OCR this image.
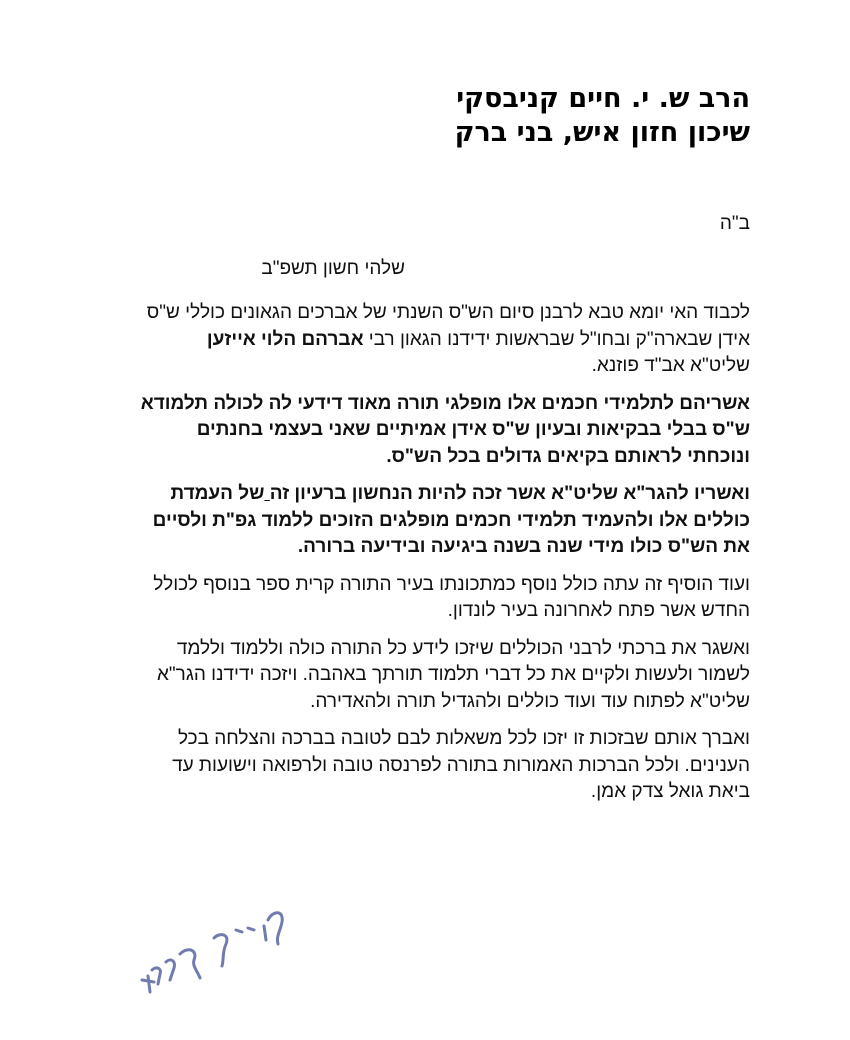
הרב ש. י. חיים קניבסקי
שיכון חזון איש, בני ברק
ב"ה
שלהי חשון תשפ"ב

לכבוד האי יומא טבא לרבנן סיום הש"ס השנתי של אברכים הגאונים כוללי ש"ס
אידן שבארה"ק ובחו"ל שבראשות ידידנו הגאון רבי אברהם הלוי אייזען
שליט"א אב"ד פוזנא.

אשריהם לתלמידי חכמים אלו מופלגי תורה מאוד דידעי לה לכולה תלמודא
ש"ס בבלי בבקיאות ובעיון ש"ס אידן אמיתיים שאני בעצמי בחנתים
ונוכחתי לראותם בקיאים גדולים בכל הש"ס.

ואשריו להגר"א שליט"א אשר זכה להיות הנחשון ברעיון זה של העמדת
כוללים אלו ולהעמיד תלמידי חכמים מופלגים הזוכים ללמוד גפ"ת ולסיים
את הש"ס כולו מידי שנה בשנה ביגיעה ובידיעה ברורה.

ועוד הוסיף זה עתה כולל נוסף כמתכונתו בעיר התורה קרית ספר בנוסף לכולל
החדש אשר פתח לאחרונה בעיר לונדון.

ואשגר את ברכתי לרבני הכוללים שיזכו לידע כל התורה כולה וללמוד וללמד
לשמור ולעשות ולקיים את כל דברי תלמוד תורתך באהבה. ויזכה ידידנו הגר"א
שליט"א לפתוח עוד ועוד כוללים ולהגדיל תורה ולהאדירה.

ואברך אותם שבזכות זו יזכו לכל משאלות לבם לטובה בברכה והצלחה בכל
הענינים. ולכל הברכות האמורות בתורה לפרנסה טובה ולרפואה וישועות עד
ביאת גואל צדק אמן.
